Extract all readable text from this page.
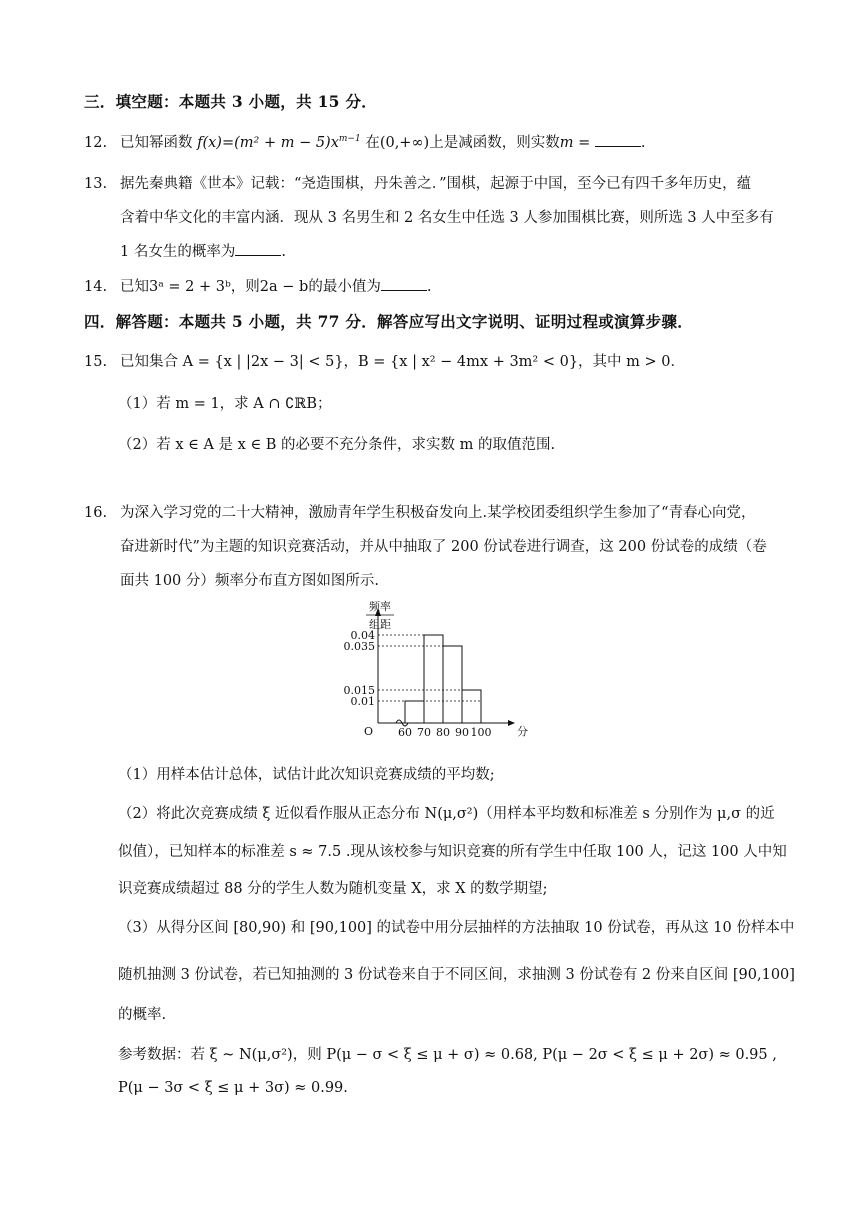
三．填空题：本题共 3 小题，共 15 分．
12. 已知幂函数 $f(x)=(m^2 + m - 5)x^{m-1}$ 在(0,+∞)上是减函数，则实数m =	.
13. 据先秦典籍《世本》记载：“尧造围棋，丹朱善之．”围棋，起源于中国，至今已有四千多年历史，蕴
含着中华文化的丰富内涵．现从 3 名男生和 2 名女生中任选 3 人参加围棋比赛，则所选 3 人中至多有
1 名女生的概率为	.
14. 已知3ᵃ = 2 + 3ᵇ，则2a − b的最小值为	.
四．解答题：本题共 5 小题，共 77 分．解答应写出文字说明、证明过程或演算步骤．
15. 已知集合 A = {x | |2x − 3| < 5}，B = {x | x² − 4mx + 3m² < 0}，其中 m > 0．
（1）若 m = 1，求 A ∩ ∁ℝB；
（2）若 x ∈ A 是 x ∈ B 的必要不充分条件，求实数 m 的取值范围.
16. 为深入学习党的二十大精神，激励青年学生积极奋发向上.某学校团委组织学生参加了“青春心向党，
奋进新时代”为主题的知识竞赛活动，并从中抽取了 200 份试卷进行调查，这 200 份试卷的成绩（卷
面共 100 分）频率分布直方图如图所示.
频率
组距
O
0.01
0.015
0.035
0.04
60 70 80 90 100 分
（1）用样本估计总体，试估计此次知识竞赛成绩的平均数;
（2）将此次竞赛成绩 ξ 近似看作服从正态分布 N(μ,σ²)（用样本平均数和标准差 s 分别作为 μ,σ 的近
似值），已知样本的标准差 s ≈ 7.5 .现从该校参与知识竞赛的所有学生中任取 100 人，记这 100 人中知
识竞赛成绩超过 88 分的学生人数为随机变量 X，求 X 的数学期望;
（3）从得分区间 [80,90) 和 [90,100] 的试卷中用分层抽样的方法抽取 10 份试卷，再从这 10 份样本中
随机抽测 3 份试卷，若已知抽测的 3 份试卷来自于不同区间，求抽测 3 份试卷有 2 份来自区间 [90,100]
的概率.
参考数据：若 ξ ~ N(μ,σ²)，则 P(μ − σ < ξ ≤ μ + σ) ≈ 0.68, P(μ − 2σ < ξ ≤ μ + 2σ) ≈ 0.95 ,
P(μ − 3σ < ξ ≤ μ + 3σ) ≈ 0.99.
